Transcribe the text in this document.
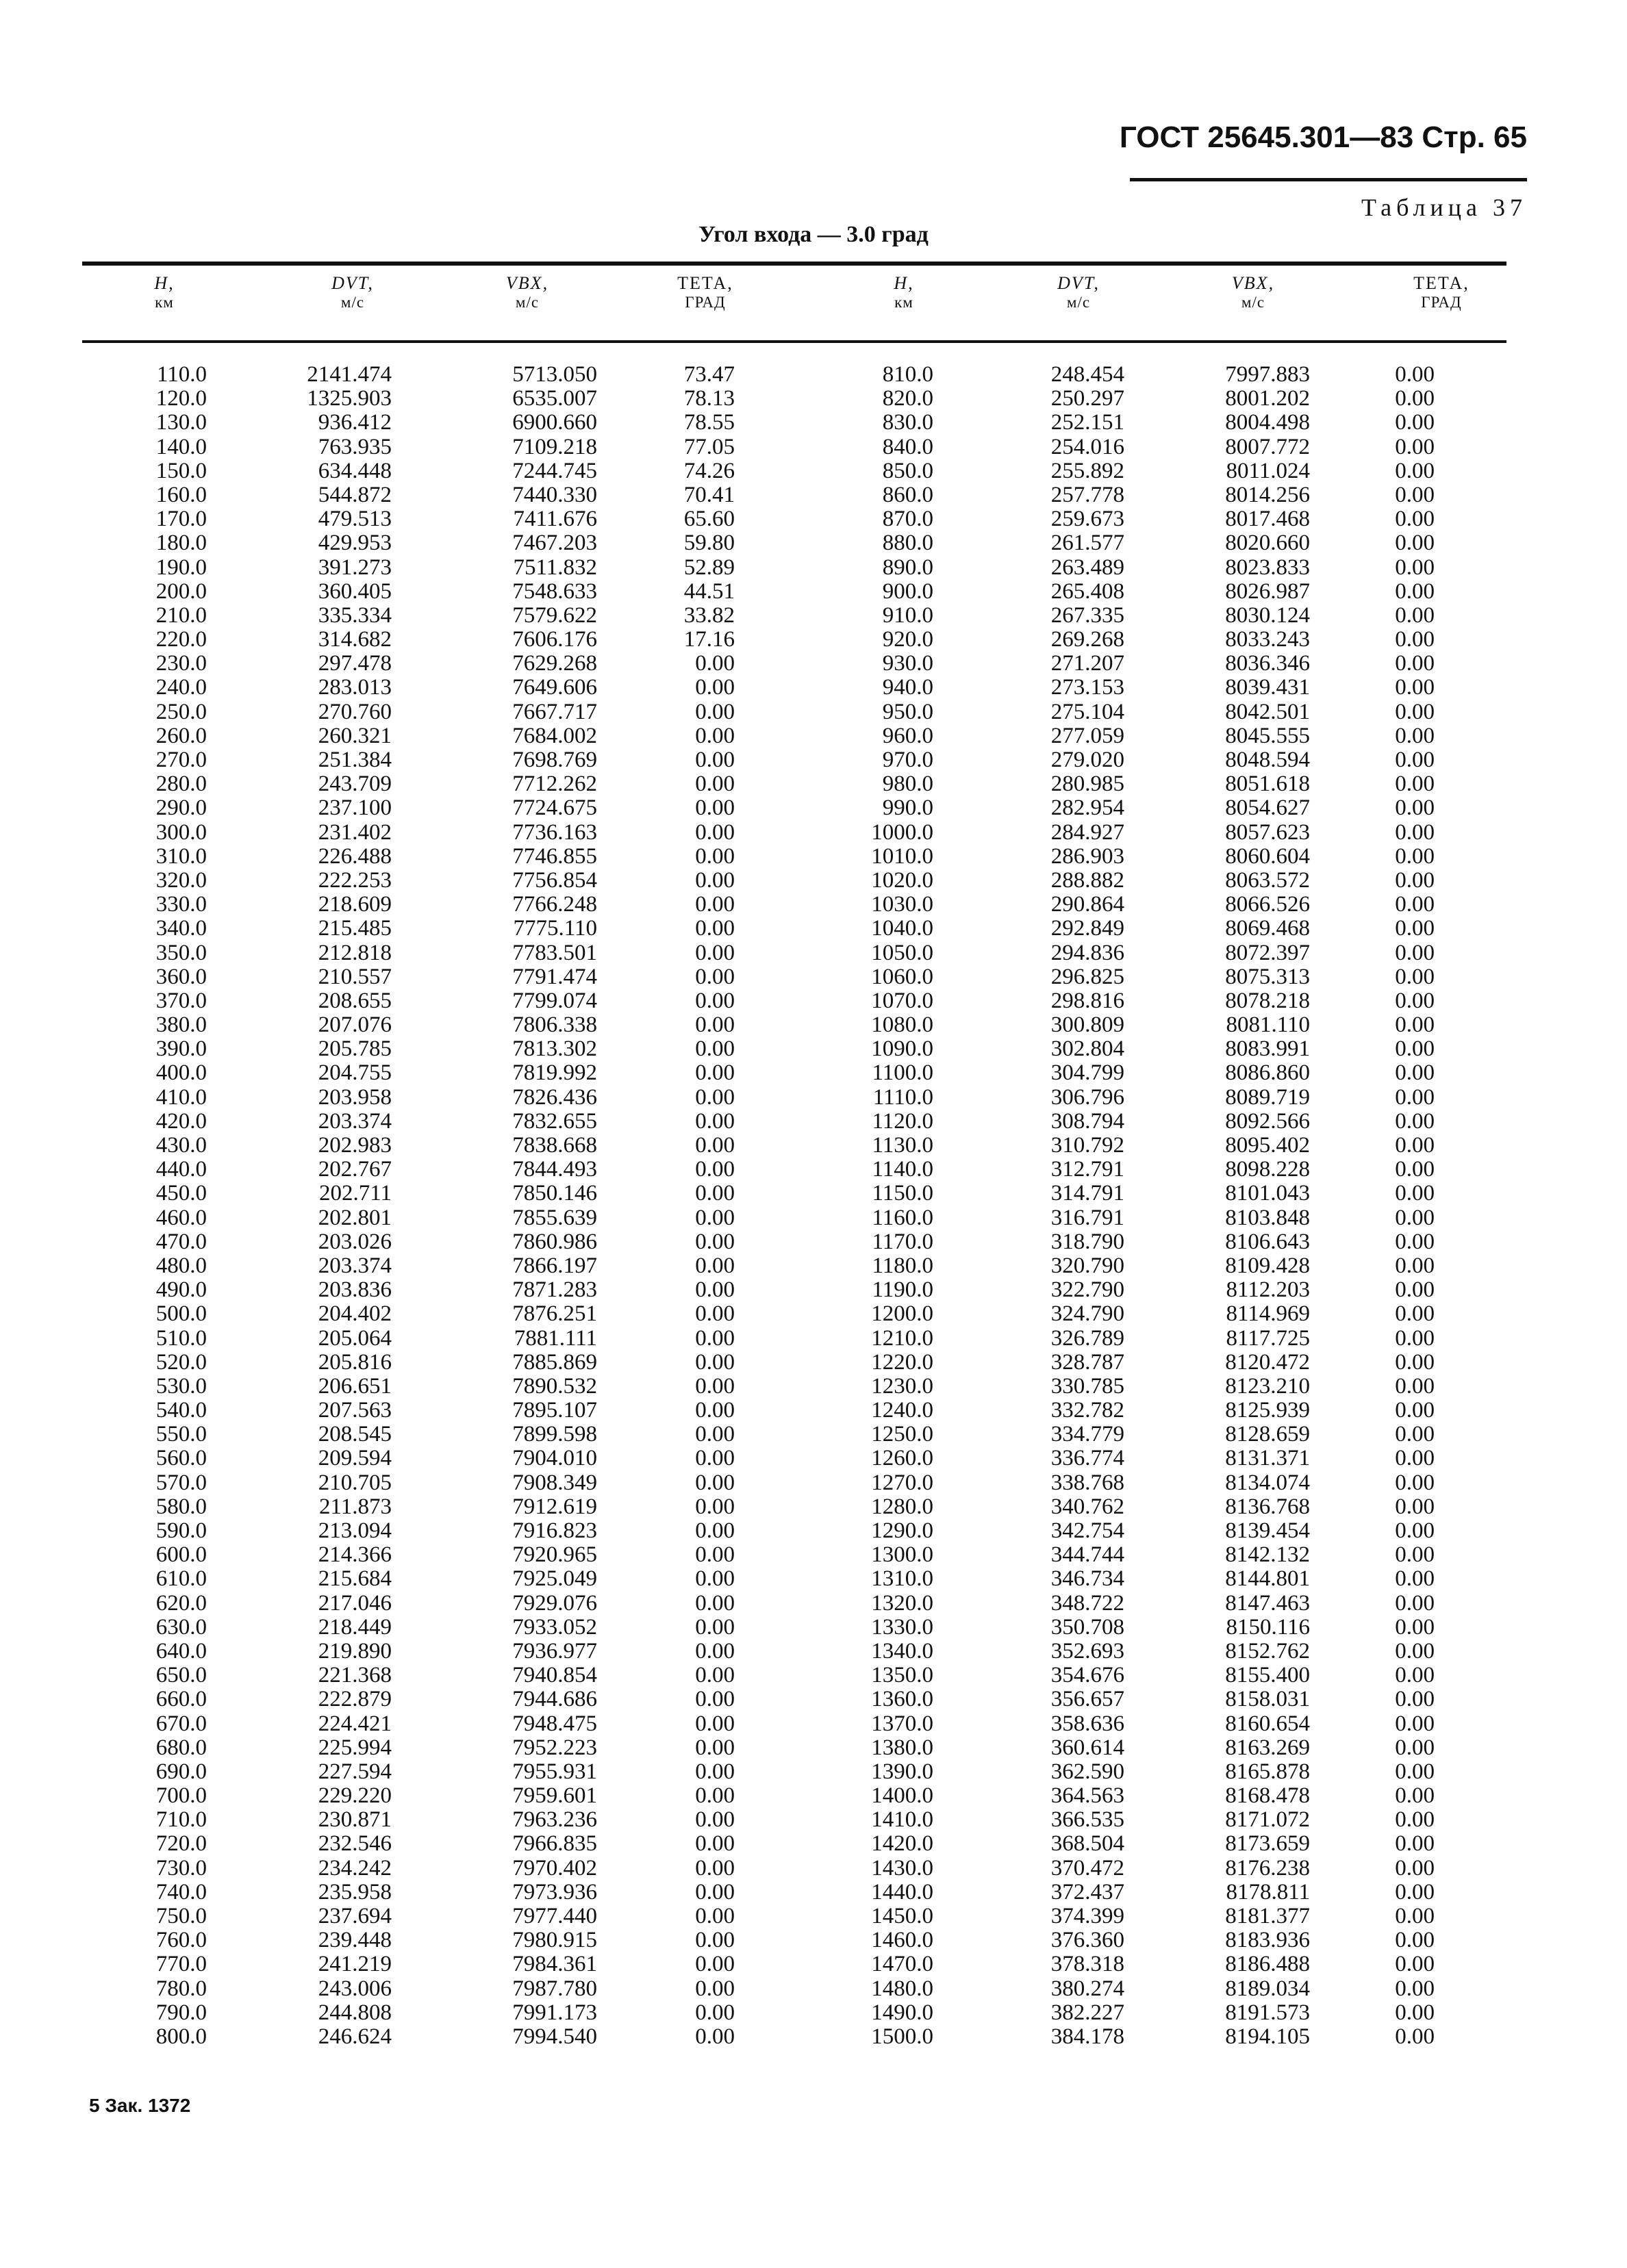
ГОСТ 25645.301—83 Стр. 65
Таблица 37
Угол входа — 3.0 град
H,
км
DVT,
м/с
VBX,
м/с
ТЕТА,
ГРАД
H,
км
DVT,
м/с
VBX,
м/с
ТЕТА,
ГРАД
110.0
120.0
130.0
140.0
150.0
160.0
170.0
180.0
190.0
200.0
210.0
220.0
230.0
240.0
250.0
260.0
270.0
280.0
290.0
300.0
310.0
320.0
330.0
340.0
350.0
360.0
370.0
380.0
390.0
400.0
410.0
420.0
430.0
440.0
450.0
460.0
470.0
480.0
490.0
500.0
510.0
520.0
530.0
540.0
550.0
560.0
570.0
580.0
590.0
600.0
610.0
620.0
630.0
640.0
650.0
660.0
670.0
680.0
690.0
700.0
710.0
720.0
730.0
740.0
750.0
760.0
770.0
780.0
790.0
800.0
2141.474
1325.903
936.412
763.935
634.448
544.872
479.513
429.953
391.273
360.405
335.334
314.682
297.478
283.013
270.760
260.321
251.384
243.709
237.100
231.402
226.488
222.253
218.609
215.485
212.818
210.557
208.655
207.076
205.785
204.755
203.958
203.374
202.983
202.767
202.711
202.801
203.026
203.374
203.836
204.402
205.064
205.816
206.651
207.563
208.545
209.594
210.705
211.873
213.094
214.366
215.684
217.046
218.449
219.890
221.368
222.879
224.421
225.994
227.594
229.220
230.871
232.546
234.242
235.958
237.694
239.448
241.219
243.006
244.808
246.624
5713.050
6535.007
6900.660
7109.218
7244.745
7440.330
7411.676
7467.203
7511.832
7548.633
7579.622
7606.176
7629.268
7649.606
7667.717
7684.002
7698.769
7712.262
7724.675
7736.163
7746.855
7756.854
7766.248
7775.110
7783.501
7791.474
7799.074
7806.338
7813.302
7819.992
7826.436
7832.655
7838.668
7844.493
7850.146
7855.639
7860.986
7866.197
7871.283
7876.251
7881.111
7885.869
7890.532
7895.107
7899.598
7904.010
7908.349
7912.619
7916.823
7920.965
7925.049
7929.076
7933.052
7936.977
7940.854
7944.686
7948.475
7952.223
7955.931
7959.601
7963.236
7966.835
7970.402
7973.936
7977.440
7980.915
7984.361
7987.780
7991.173
7994.540
73.47
78.13
78.55
77.05
74.26
70.41
65.60
59.80
52.89
44.51
33.82
17.16
0.00
0.00
0.00
0.00
0.00
0.00
0.00
0.00
0.00
0.00
0.00
0.00
0.00
0.00
0.00
0.00
0.00
0.00
0.00
0.00
0.00
0.00
0.00
0.00
0.00
0.00
0.00
0.00
0.00
0.00
0.00
0.00
0.00
0.00
0.00
0.00
0.00
0.00
0.00
0.00
0.00
0.00
0.00
0.00
0.00
0.00
0.00
0.00
0.00
0.00
0.00
0.00
0.00
0.00
0.00
0.00
0.00
0.00
810.0
820.0
830.0
840.0
850.0
860.0
870.0
880.0
890.0
900.0
910.0
920.0
930.0
940.0
950.0
960.0
970.0
980.0
990.0
1000.0
1010.0
1020.0
1030.0
1040.0
1050.0
1060.0
1070.0
1080.0
1090.0
1100.0
1110.0
1120.0
1130.0
1140.0
1150.0
1160.0
1170.0
1180.0
1190.0
1200.0
1210.0
1220.0
1230.0
1240.0
1250.0
1260.0
1270.0
1280.0
1290.0
1300.0
1310.0
1320.0
1330.0
1340.0
1350.0
1360.0
1370.0
1380.0
1390.0
1400.0
1410.0
1420.0
1430.0
1440.0
1450.0
1460.0
1470.0
1480.0
1490.0
1500.0
248.454
250.297
252.151
254.016
255.892
257.778
259.673
261.577
263.489
265.408
267.335
269.268
271.207
273.153
275.104
277.059
279.020
280.985
282.954
284.927
286.903
288.882
290.864
292.849
294.836
296.825
298.816
300.809
302.804
304.799
306.796
308.794
310.792
312.791
314.791
316.791
318.790
320.790
322.790
324.790
326.789
328.787
330.785
332.782
334.779
336.774
338.768
340.762
342.754
344.744
346.734
348.722
350.708
352.693
354.676
356.657
358.636
360.614
362.590
364.563
366.535
368.504
370.472
372.437
374.399
376.360
378.318
380.274
382.227
384.178
7997.883
8001.202
8004.498
8007.772
8011.024
8014.256
8017.468
8020.660
8023.833
8026.987
8030.124
8033.243
8036.346
8039.431
8042.501
8045.555
8048.594
8051.618
8054.627
8057.623
8060.604
8063.572
8066.526
8069.468
8072.397
8075.313
8078.218
8081.110
8083.991
8086.860
8089.719
8092.566
8095.402
8098.228
8101.043
8103.848
8106.643
8109.428
8112.203
8114.969
8117.725
8120.472
8123.210
8125.939
8128.659
8131.371
8134.074
8136.768
8139.454
8142.132
8144.801
8147.463
8150.116
8152.762
8155.400
8158.031
8160.654
8163.269
8165.878
8168.478
8171.072
8173.659
8176.238
8178.811
8181.377
8183.936
8186.488
8189.034
8191.573
8194.105
0.00
0.00
0.00
0.00
0.00
0.00
0.00
0.00
0.00
0.00
0.00
0.00
0.00
0.00
0.00
0.00
0.00
0.00
0.00
0.00
0.00
0.00
0.00
0.00
0.00
0.00
0.00
0.00
0.00
0.00
0.00
0.00
0.00
0.00
0.00
0.00
0.00
0.00
0.00
0.00
0.00
0.00
0.00
0.00
0.00
0.00
0.00
0.00
0.00
0.00
0.00
0.00
0.00
0.00
0.00
0.00
0.00
0.00
0.00
0.00
0.00
0.00
0.00
0.00
0.00
0.00
0.00
0.00
0.00
0.00
5 Зак. 1372
